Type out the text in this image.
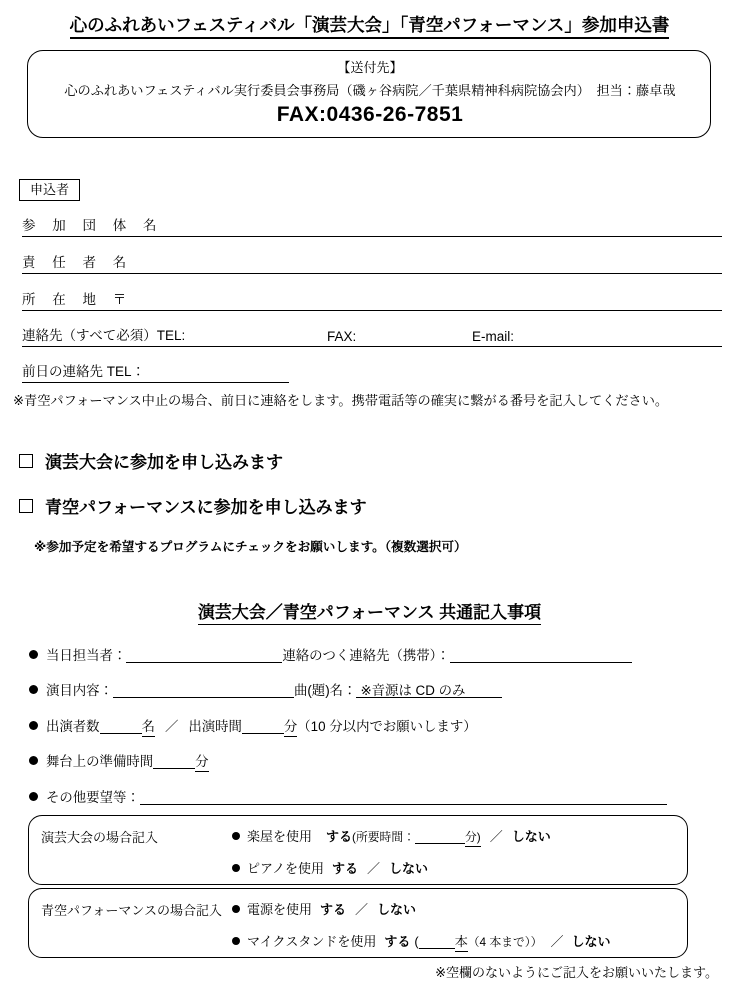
心のふれあいフェスティバル「演芸大会」「青空パフォーマンス」参加申込書
【送付先】
心のふれあいフェスティバル実行委員会事務局（磯ヶ谷病院／千葉県精神科病院協会内）　担当：藤卓哉
FAX:0436-26-7851
申込者
参 加 団 体 名
責 任 者 名
所 在 地 〒
連絡先（すべて必須）TEL:	FAX:	E-mail:
前日の連絡先 TEL：
※青空パフォーマンス中止の場合、前日に連絡をします。携帯電話等の確実に繋がる番号を記入してください。
演芸大会に参加を申し込みます
青空パフォーマンスに参加を申し込みます
※参加予定を希望するプログラムにチェックをお願いします。（複数選択可）
演芸大会／青空パフォーマンス 共通記入事項
当日担当者：	連絡のつく連絡先（携帯）：
演目内容：	曲(題)名： ※音源は CD のみ
出演者数	名 ／ 出演時間	分（10 分以内でお願いします）
舞台上の準備時間	分
その他要望等：
演芸大会の場合記入	楽屋を使用 する(所要時間：	分) ／ しない
ピアノを使用 する ／ しない
青空パフォーマンスの場合記入	電源を使用 する ／ しない
マイクスタンドを使用 する (	本（4 本まで）） ／ しない
※空欄のないようにご記入をお願いいたします。
